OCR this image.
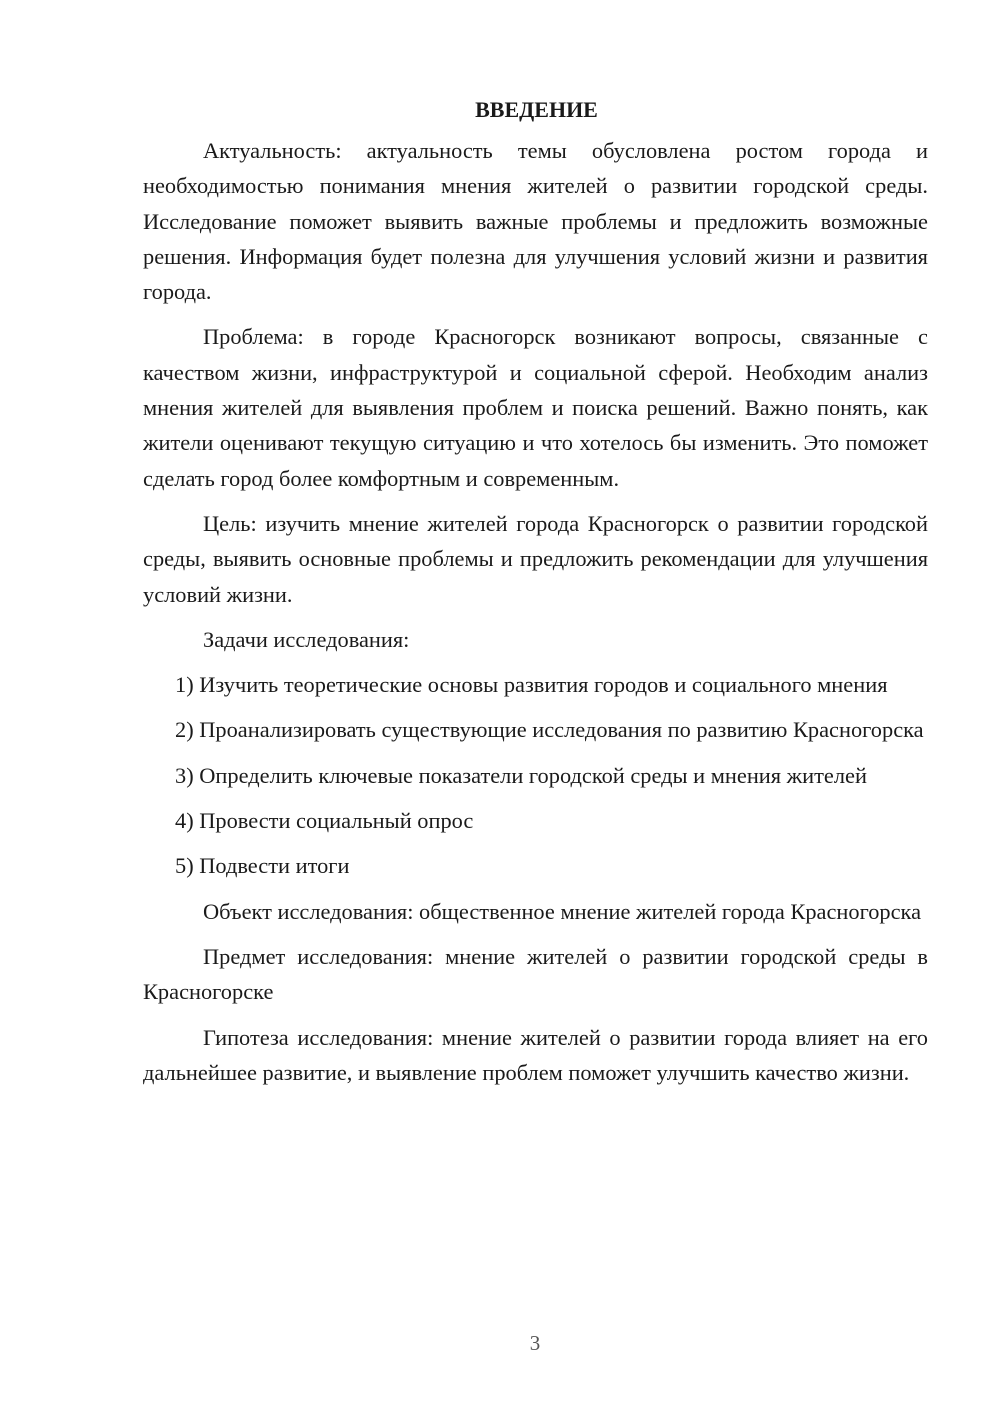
ВВЕДЕНИЕ

Актуальность: актуальность темы обусловлена ростом города и необходимостью понимания мнения жителей о развитии городской среды. Исследование поможет выявить важные проблемы и предложить возможные решения. Информация будет полезна для улучшения условий жизни и развития города.

Проблема: в городе Красногорск возникают вопросы, связанные с качеством жизни, инфраструктурой и социальной сферой. Необходим анализ мнения жителей для выявления проблем и поиска решений. Важно понять, как жители оценивают текущую ситуацию и что хотелось бы изменить. Это поможет сделать город более комфортным и современным.

Цель: изучить мнение жителей города Красногорск о развитии городской среды, выявить основные проблемы и предложить рекомендации для улучшения условий жизни.

Задачи исследования:

1) Изучить теоретические основы развития городов и социального мнения

2) Проанализировать существующие исследования по развитию Красногорска

3) Определить ключевые показатели городской среды и мнения жителей

4) Провести социальный опрос

5) Подвести итоги

Объект исследования: общественное мнение жителей города Красногорска

Предмет исследования: мнение жителей о развитии городской среды в Красногорске

Гипотеза исследования: мнение жителей о развитии города влияет на его дальнейшее развитие, и выявление проблем поможет улучшить качество жизни.

3
